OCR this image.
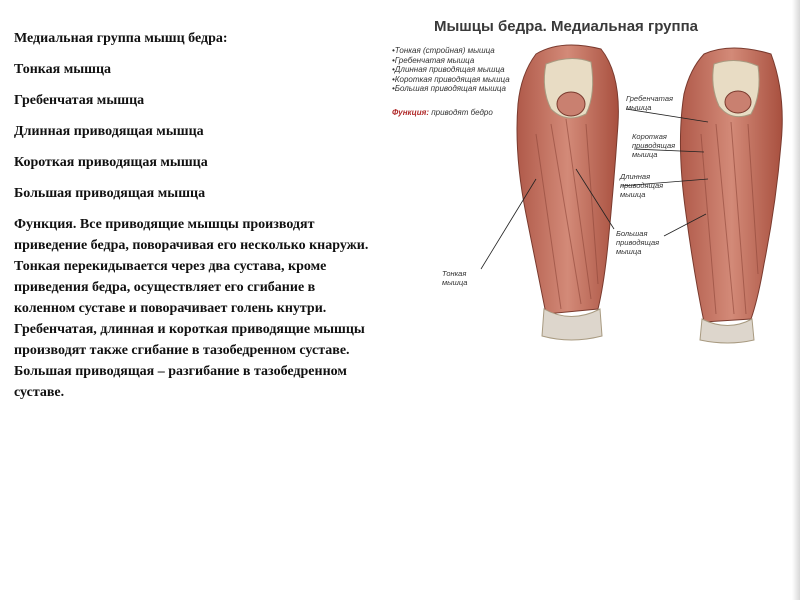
Медиальная группа мышц бедра:

Тонкая мышца

Гребенчатая мышца

Длинная приводящая мышца

Короткая приводящая мышца

Большая приводящая мышца

Функция. Все приводящие мышцы производят приведение бедра, поворачивая его несколько кнаружи. Тонкая перекидывается через два сустава, кроме приведения бедра, осуществляет его сгибание в коленном суставе и поворачивает голень кнутри. Гребенчатая, длинная и короткая приводящие мышцы производят также сгибание в тазобедренном суставе. Большая приводящая – разгибание в тазобедренном суставе.

Мышцы бедра. Медиальная группа
•Тонкая (стройная) мышца
•Гребенчатая мышца
•Длинная приводящая мышца
•Короткая приводящая мышца
•Большая приводящая мышца
Функция: приводят бедро
Тонкая мышца
Большая приводящая мышца
Гребенчатая мышца
Короткая приводящая мышца
Длинная приводящая мышца
